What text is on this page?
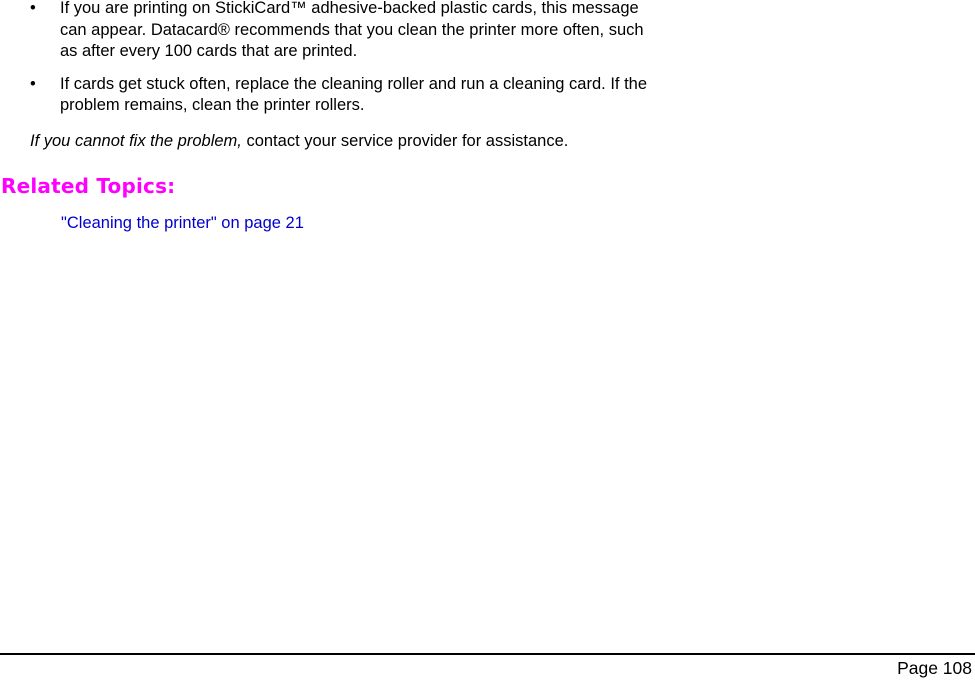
• If you are printing on StickiCard™ adhesive-backed plastic cards, this message can appear. Datacard® recommends that you clean the printer more often, such as after every 100 cards that are printed.
• If cards get stuck often, replace the cleaning roller and run a cleaning card. If the problem remains, clean the printer rollers.
If you cannot fix the problem, contact your service provider for assistance.
Related Topics:
"Cleaning the printer" on page 21
Page 108
